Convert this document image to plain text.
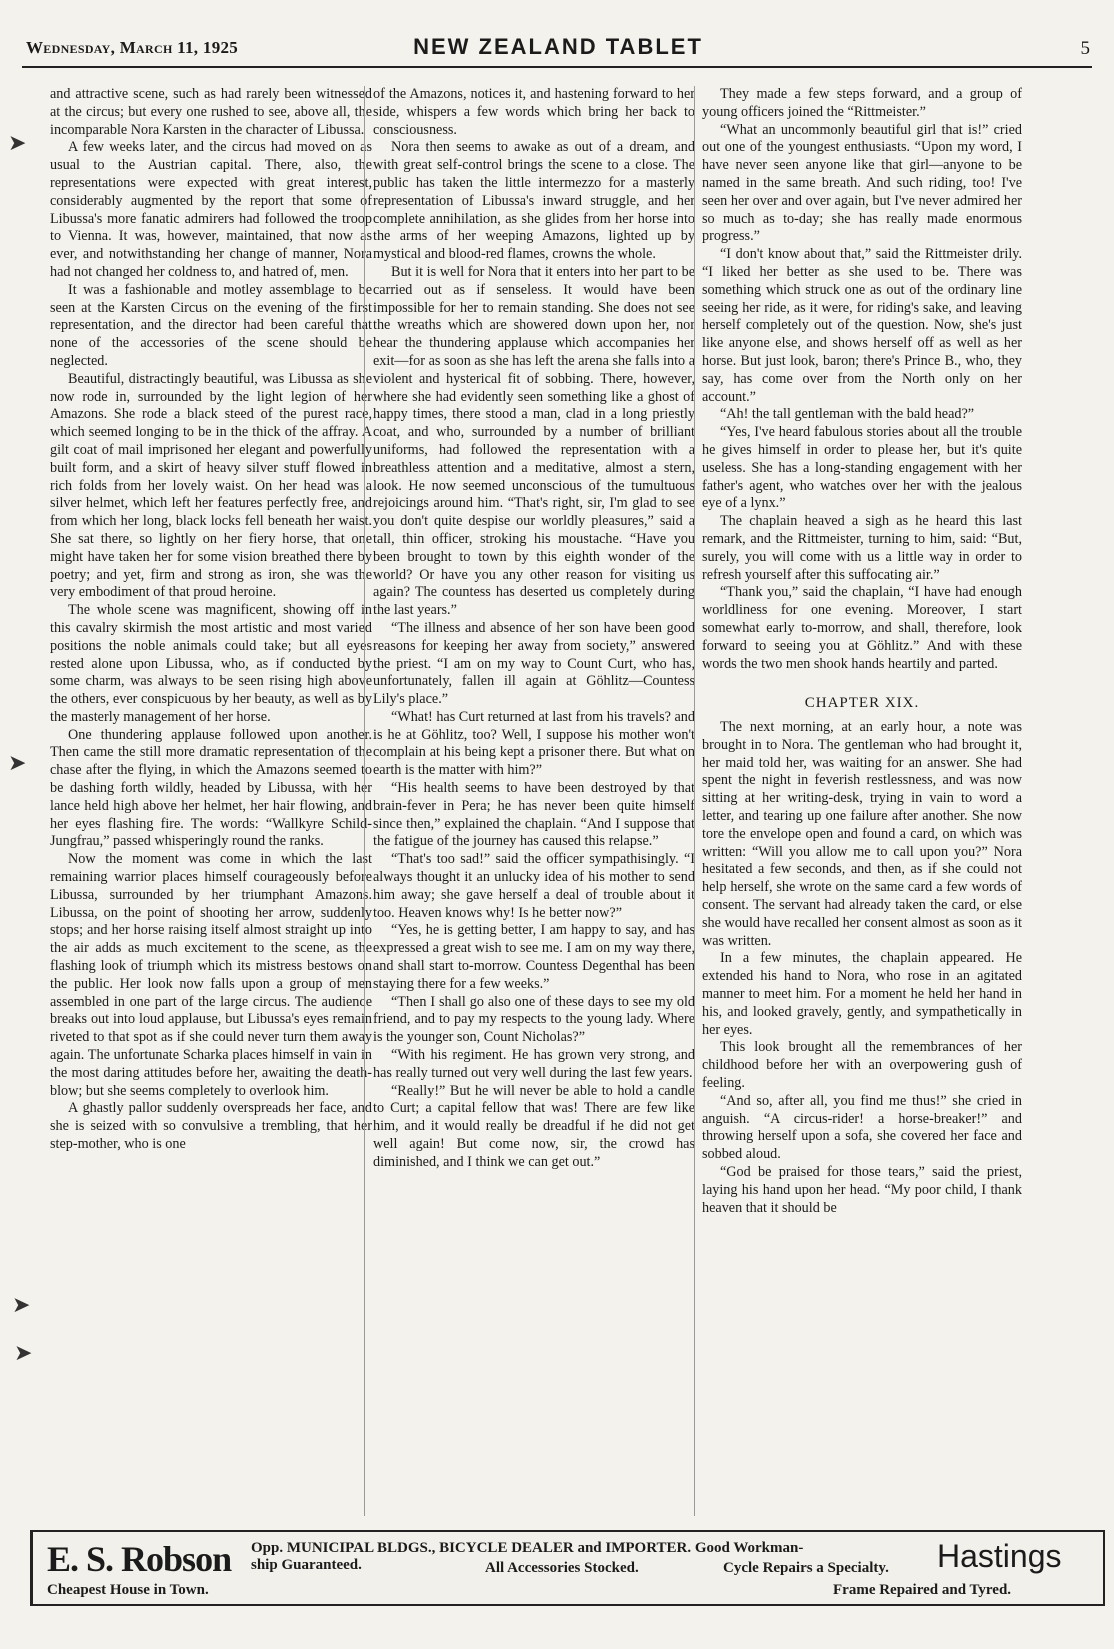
Wednesday, March 11, 1925	NEW ZEALAND TABLET	5

and attractive scene, such as had rarely been witnessed at the circus; but every one rushed to see, above all, the incomparable Nora Karsten in the character of Libussa.

A few weeks later, and the circus had moved on as usual to the Austrian capital. There, also, the representations were expected with great interest, considerably augmented by the report that some of Libussa's more fanatic admirers had followed the troop to Vienna. It was, however, maintained, that now as ever, and notwithstanding her change of manner, Nora had not changed her coldness to, and hatred of, men.

It was a fashionable and motley assemblage to be seen at the Karsten Circus on the evening of the first representation, and the director had been careful that none of the accessories of the scene should be neglected.

Beautiful, distractingly beautiful, was Libussa as she now rode in, surrounded by the light legion of her Amazons. She rode a black steed of the purest race, which seemed longing to be in the thick of the affray. A gilt coat of mail imprisoned her elegant and powerfully built form, and a skirt of heavy silver stuff flowed in rich folds from her lovely waist. On her head was a silver helmet, which left her features perfectly free, and from which her long, black locks fell beneath her waist. She sat there, so lightly on her fiery horse, that one might have taken her for some vision breathed there by poetry; and yet, firm and strong as iron, she was the very embodiment of that proud heroine.

The whole scene was magnificent, showing off in this cavalry skirmish the most artistic and most varied positions the noble animals could take; but all eyes rested alone upon Libussa, who, as if conducted by some charm, was always to be seen rising high above the others, ever conspicuous by her beauty, as well as by the masterly management of her horse.

One thundering applause followed upon another. Then came the still more dramatic representation of the chase after the flying, in which the Amazons seemed to be dashing forth wildly, headed by Libussa, with her lance held high above her helmet, her hair flowing, and her eyes flashing fire. The words: “Wallkyre Schild-Jungfrau,” passed whisperingly round the ranks.

Now the moment was come in which the last remaining warrior places himself courageously before Libussa, surrounded by her triumphant Amazons. Libussa, on the point of shooting her arrow, suddenly stops; and her horse raising itself almost straight up into the air adds as much excitement to the scene, as the flashing look of triumph which its mistress bestows on the public. Her look now falls upon a group of men assembled in one part of the large circus. The audience breaks out into loud applause, but Libussa's eyes remain riveted to that spot as if she could never turn them away again. The unfortunate Scharka places himself in vain in the most daring attitudes before her, awaiting the death-blow; but she seems completely to overlook him.

A ghastly pallor suddenly overspreads her face, and she is seized with so convulsive a trembling, that her step-mother, who is one

of the Amazons, notices it, and hastening forward to her side, whispers a few words which bring her back to consciousness.

Nora then seems to awake as out of a dream, and with great self-control brings the scene to a close. The public has taken the little intermezzo for a masterly representation of Libussa's inward struggle, and her complete annihilation, as she glides from her horse into the arms of her weeping Amazons, lighted up by mystical and blood-red flames, crowns the whole.

But it is well for Nora that it enters into her part to be carried out as if senseless. It would have been impossible for her to remain standing. She does not see the wreaths which are showered down upon her, nor hear the thundering applause which accompanies her exit—for as soon as she has left the arena she falls into a violent and hysterical fit of sobbing. There, however, where she had evidently seen something like a ghost of happy times, there stood a man, clad in a long priestly coat, and who, surrounded by a number of brilliant uniforms, had followed the representation with a breathless attention and a meditative, almost a stern, look. He now seemed unconscious of the tumultuous rejoicings around him. “That's right, sir, I'm glad to see you don't quite despise our worldly pleasures,” said a tall, thin officer, stroking his moustache. “Have you been brought to town by this eighth wonder of the world? Or have you any other reason for visiting us again? The countess has deserted us completely during the last years.”

“The illness and absence of her son have been good reasons for keeping her away from society,” answered the priest. “I am on my way to Count Curt, who has, unfortunately, fallen ill again at Göhlitz—Countess Lily's place.”

“What! has Curt returned at last from his travels? and is he at Göhlitz, too? Well, I suppose his mother won't complain at his being kept a prisoner there. But what on earth is the matter with him?”

“His health seems to have been destroyed by that brain-fever in Pera; he has never been quite himself since then,” explained the chaplain. “And I suppose that the fatigue of the journey has caused this relapse.”

“That's too sad!” said the officer sympathisingly. “I always thought it an unlucky idea of his mother to send him away; she gave herself a deal of trouble about it too. Heaven knows why! Is he better now?”

“Yes, he is getting better, I am happy to say, and has expressed a great wish to see me. I am on my way there, and shall start to-morrow. Countess Degenthal has been staying there for a few weeks.”

“Then I shall go also one of these days to see my old friend, and to pay my respects to the young lady. Where is the younger son, Count Nicholas?”

“With his regiment. He has grown very strong, and has really turned out very well during the last few years.

“Really!” But he will never be able to hold a candle to Curt; a capital fellow that was! There are few like him, and it would really be dreadful if he did not get well again! But come now, sir, the crowd has diminished, and I think we can get out.”

They made a few steps forward, and a group of young officers joined the “Rittmeister.”

“What an uncommonly beautiful girl that is!” cried out one of the youngest enthusiasts. “Upon my word, I have never seen anyone like that girl—anyone to be named in the same breath. And such riding, too! I've seen her over and over again, but I've never admired her so much as to-day; she has really made enormous progress.”

“I don't know about that,” said the Rittmeister drily. “I liked her better as she used to be. There was something which struck one as out of the ordinary line seeing her ride, as it were, for riding's sake, and leaving herself completely out of the question. Now, she's just like anyone else, and shows herself off as well as her horse. But just look, baron; there's Prince B., who, they say, has come over from the North only on her account.”

“Ah! the tall gentleman with the bald head?”

“Yes, I've heard fabulous stories about all the trouble he gives himself in order to please her, but it's quite useless. She has a long-standing engagement with her father's agent, who watches over her with the jealous eye of a lynx.”

The chaplain heaved a sigh as he heard this last remark, and the Rittmeister, turning to him, said: “But, surely, you will come with us a little way in order to refresh yourself after this suffocating air.”

“Thank you,” said the chaplain, “I have had enough worldliness for one evening. Moreover, I start somewhat early to-morrow, and shall, therefore, look forward to seeing you at Göhlitz.” And with these words the two men shook hands heartily and parted.

CHAPTER XIX.

The next morning, at an early hour, a note was brought in to Nora. The gentleman who had brought it, her maid told her, was waiting for an answer. She had spent the night in feverish restlessness, and was now sitting at her writing-desk, trying in vain to word a letter, and tearing up one failure after another. She now tore the envelope open and found a card, on which was written: “Will you allow me to call upon you?” Nora hesitated a few seconds, and then, as if she could not help herself, she wrote on the same card a few words of consent. The servant had already taken the card, or else she would have recalled her consent almost as soon as it was written.

In a few minutes, the chaplain appeared. He extended his hand to Nora, who rose in an agitated manner to meet him. For a moment he held her hand in his, and looked gravely, gently, and sympathetically in her eyes.

This look brought all the remembrances of her childhood before her with an overpowering gush of feeling.

“And so, after all, you find me thus!” she cried in anguish. “A circus-rider! a horse-breaker!” and throwing herself upon a sofa, she covered her face and sobbed aloud.

“God be praised for those tears,” said the priest, laying his hand upon her head. “My poor child, I thank heaven that it should be

➤
➤
➤
➤
E. S. Robson
Cheapest House in Town.
Opp. MUNICIPAL BLDGS., BICYCLE DEALER and IMPORTER. Good Workman-
ship Guaranteed.	All Accessories Stocked.	Cycle Repairs a Specialty. Hastings
Frame Repaired and Tyred.
